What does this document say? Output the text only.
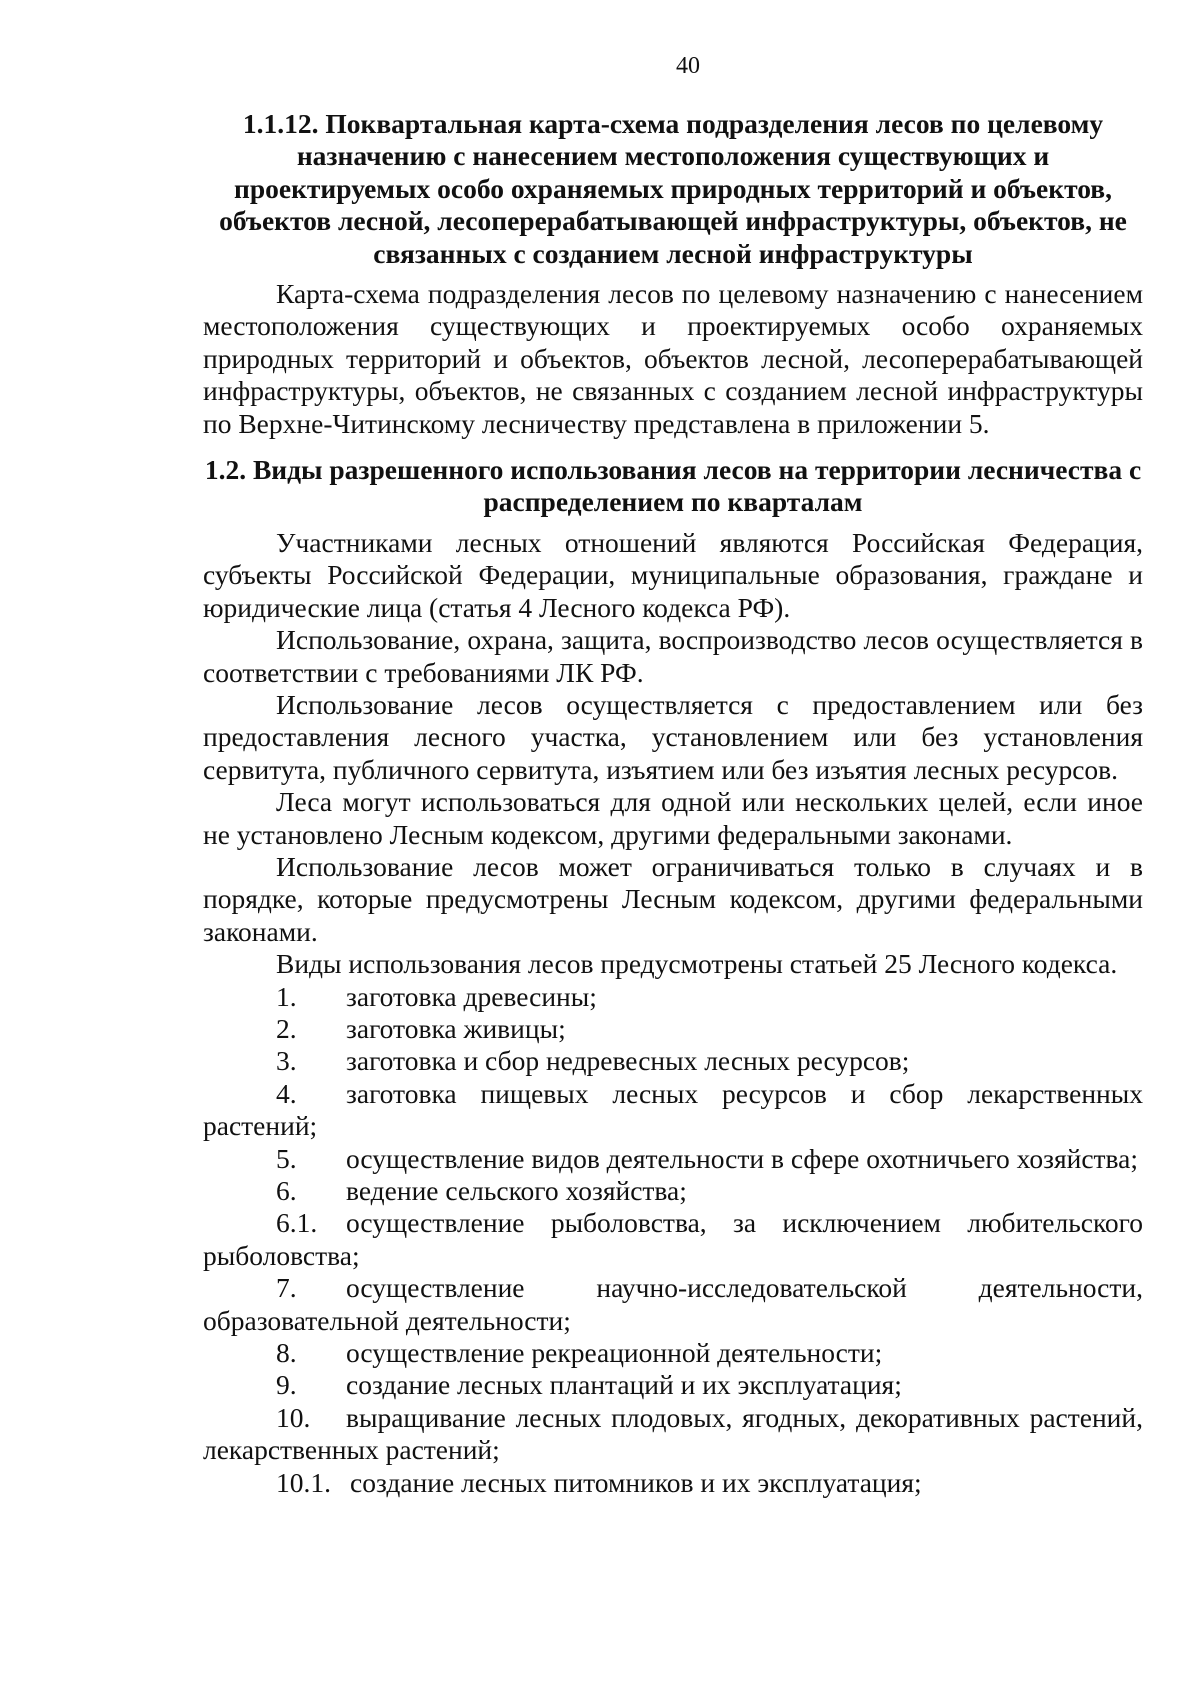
40
1.1.12. Поквартальная карта-схема подразделения лесов по целевому назначению с нанесением местоположения существующих и проектируемых особо охраняемых природных территорий и объектов, объектов лесной, лесоперерабатывающей инфраструктуры, объектов, не связанных с созданием лесной инфраструктуры

Карта-схема подразделения лесов по целевому назначению с нанесением местоположения существующих и проектируемых особо охраняемых природных территорий и объектов, объектов лесной, лесоперерабатывающей инфраструктуры, объектов, не связанных с созданием лесной инфраструктуры по Верхне-Читинскому лесничеству представлена в приложении 5.

1.2. Виды разрешенного использования лесов на территории лесничества с распределением по кварталам

Участниками лесных отношений являются Российская Федерация, субъекты Российской Федерации, муниципальные образования, граждане и юридические лица (статья 4 Лесного кодекса РФ).

Использование, охрана, защита, воспроизводство лесов осуществляется в соответствии с требованиями ЛК РФ.

Использование лесов осуществляется с предоставлением или без предоставления лесного участка, установлением или без установления сервитута, публичного сервитута, изъятием или без изъятия лесных ресурсов.

Леса могут использоваться для одной или нескольких целей, если иное не установлено Лесным кодексом, другими федеральными законами.

Использование лесов может ограничиваться только в случаях и в порядке, которые предусмотрены Лесным кодексом, другими федеральными законами.

Виды использования лесов предусмотрены статьей 25 Лесного кодекса.

1. заготовка древесины;
2. заготовка живицы;
3. заготовка и сбор недревесных лесных ресурсов;
4. заготовка пищевых лесных ресурсов и сбор лекарственных растений;
5. осуществление видов деятельности в сфере охотничьего хозяйства;
6. ведение сельского хозяйства;
6.1. осуществление рыболовства, за исключением любительского рыболовства;
7. осуществление научно-исследовательской деятельности, образовательной деятельности;
8. осуществление рекреационной деятельности;
9. создание лесных плантаций и их эксплуатация;
10. выращивание лесных плодовых, ягодных, декоративных растений, лекарственных растений;
10.1. создание лесных питомников и их эксплуатация;
